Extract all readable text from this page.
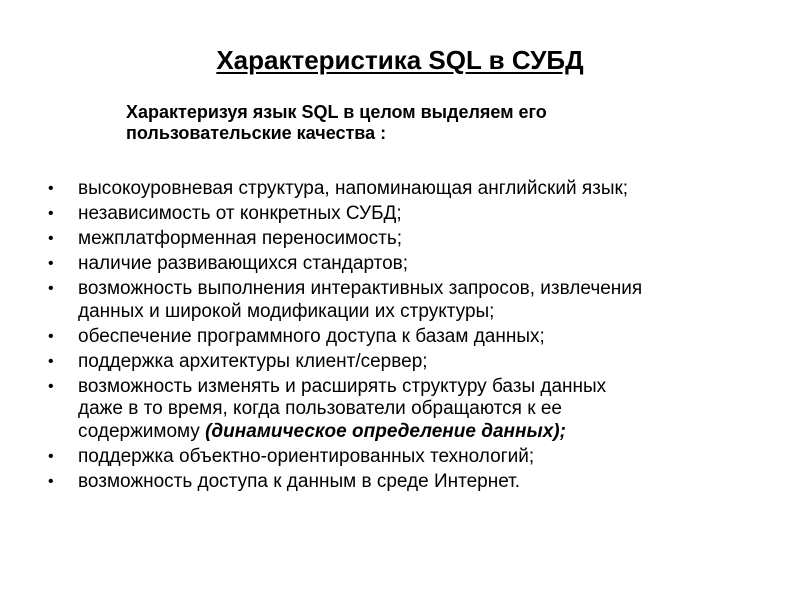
Характеристика SQL в СУБД
Характеризуя язык SQL в целом выделяем его
пользовательские качества :
• высокоуровневая структура, напоминающая английский язык;
• независимость от конкретных СУБД;
• межплатформенная переносимость;
• наличие развивающихся стандартов;
• возможность выполнения интерактивных запросов, извлечения
данных и широкой модификации их структуры;
• обеспечение программного доступа к базам данных;
• поддержка архитектуры клиент/сервер;
• возможность изменять и расширять структуру базы данных
даже в то время, когда пользователи обращаются к ее
содержимому (динамическое определение данных);
• поддержка объектно-ориентированных технологий;
• возможность доступа к данным в среде Интернет.
